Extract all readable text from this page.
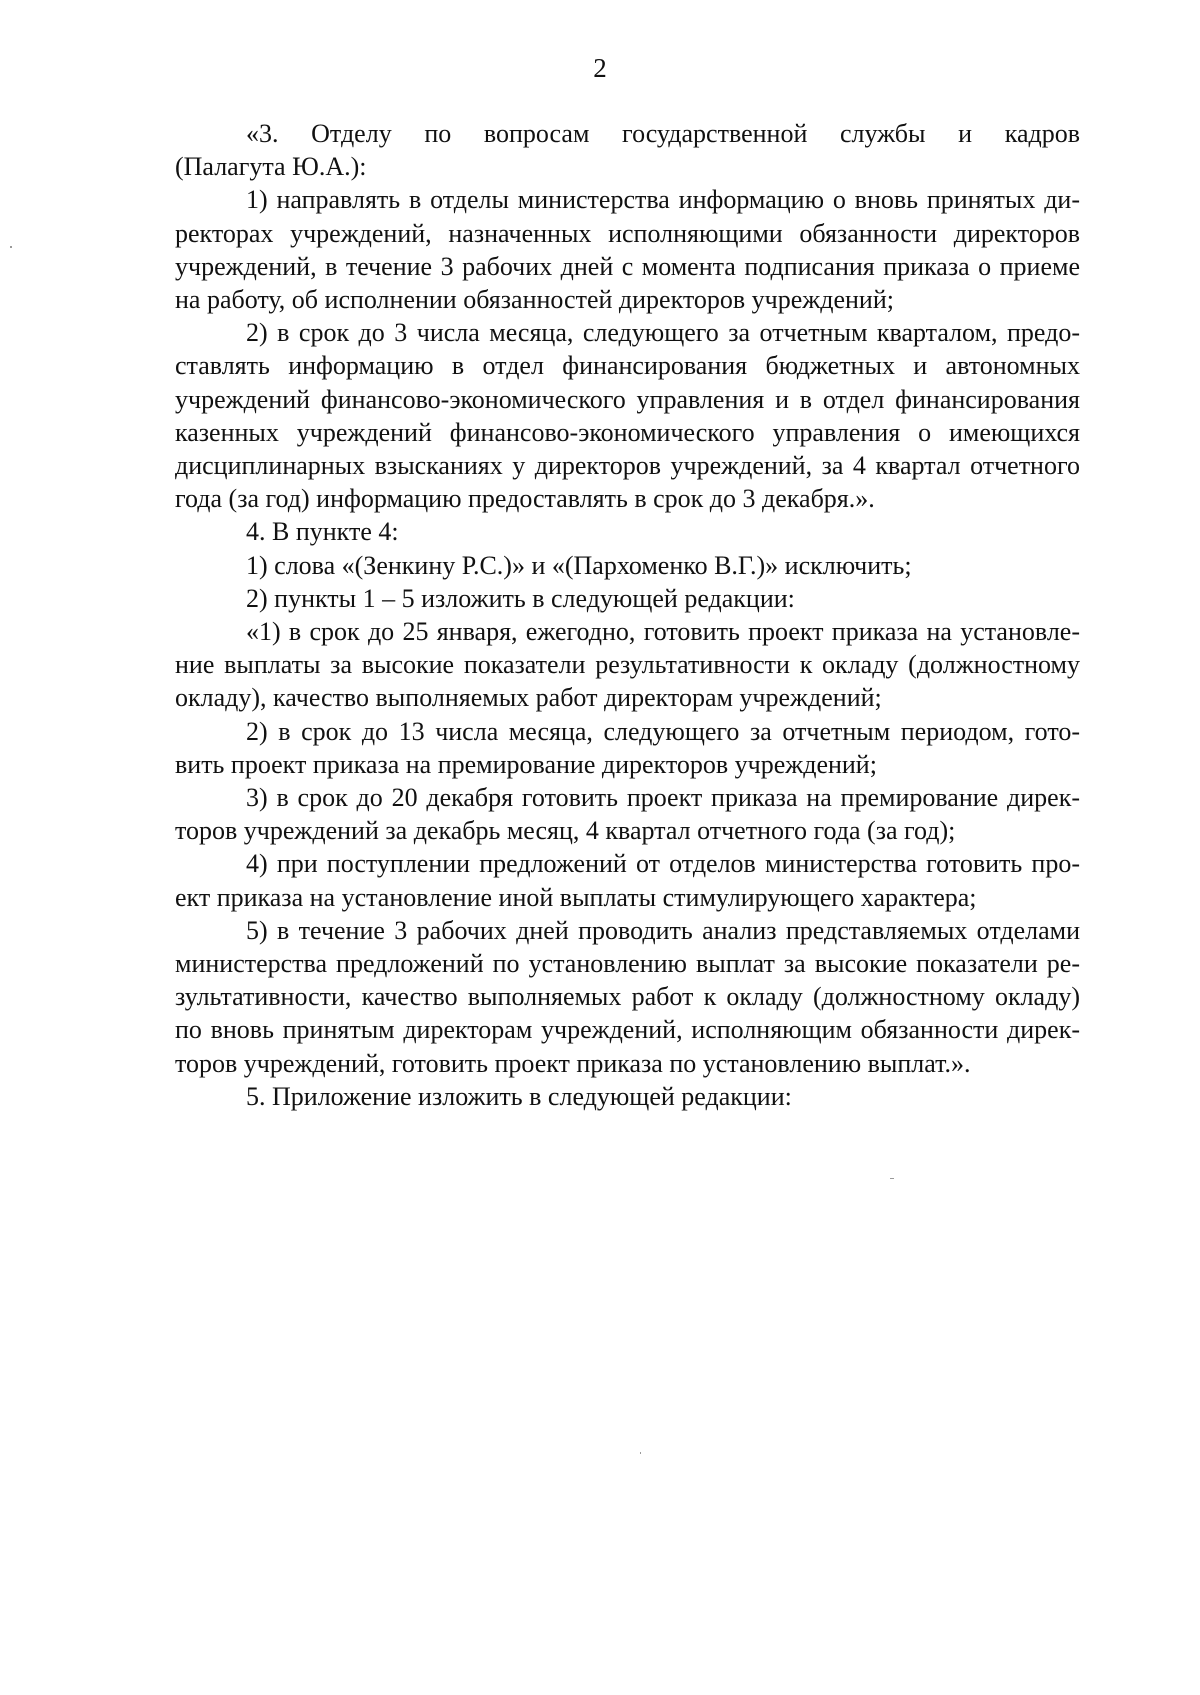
2
«3. Отделу по вопросам государственной службы и кадров
(Палагута Ю.А.):
1) направлять в отделы министерства информацию о вновь принятых ди-
ректорах учреждений, назначенных исполняющими обязанности директоров
учреждений, в течение 3 рабочих дней с момента подписания приказа о приеме
на работу, об исполнении обязанностей директоров учреждений;
2) в срок до 3 числа месяца, следующего за отчетным кварталом, предо-
ставлять информацию в отдел финансирования бюджетных и автономных
учреждений финансово-экономического управления и в отдел финансирования
казенных учреждений финансово-экономического управления о имеющихся
дисциплинарных взысканиях у директоров учреждений, за 4 квартал отчетного
года (за год) информацию предоставлять в срок до 3 декабря.».
4. В пункте 4:
1) слова «(Зенкину Р.С.)» и «(Пархоменко В.Г.)» исключить;
2) пункты 1 – 5 изложить в следующей редакции:
«1) в срок до 25 января, ежегодно, готовить проект приказа на установле-
ние выплаты за высокие показатели результативности к окладу (должностному
окладу), качество выполняемых работ директорам учреждений;
2) в срок до 13 числа месяца, следующего за отчетным периодом, гото-
вить проект приказа на премирование директоров учреждений;
3) в срок до 20 декабря готовить проект приказа на премирование дирек-
торов учреждений за декабрь месяц, 4 квартал отчетного года (за год);
4) при поступлении предложений от отделов министерства готовить про-
ект приказа на установление иной выплаты стимулирующего характера;
5) в течение 3 рабочих дней проводить анализ представляемых отделами
министерства предложений по установлению выплат за высокие показатели ре-
зультативности, качество выполняемых работ к окладу (должностному окладу)
по вновь принятым директорам учреждений, исполняющим обязанности дирек-
торов учреждений, готовить проект приказа по установлению выплат.».
5. Приложение изложить в следующей редакции:
